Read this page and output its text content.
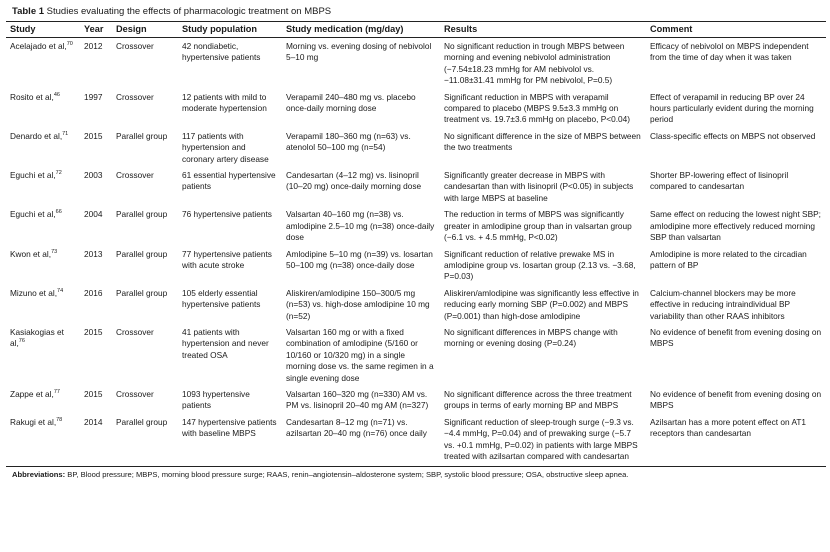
Table 1 Studies evaluating the effects of pharmacologic treatment on MBPS
Study	Year	Design	Study population	Study medication (mg/day)	Results	Comment
Acelajado et al,$^{70}$	2012	Crossover	42 nondiabetic, hypertensive patients	Morning vs. evening dosing of nebivolol 5–10 mg	No significant reduction in trough MBPS between morning and evening nebivolol administration (−7.54±18.23 mmHg for AM nebivolol vs. −11.08±31.41 mmHg for PM nebivolol, P=0.5)	Efficacy of nebivolol on MBPS independent from the time of day when it was taken
Rosito et al,$^{46}$	1997	Crossover	12 patients with mild to moderate hypertension	Verapamil 240–480 mg vs. placebo once-daily morning dose	Significant reduction in MBPS with verapamil compared to placebo (MBPS 9.5±3.3 mmHg on treatment vs. 19.7±3.6 mmHg on placebo, P<0.04)	Effect of verapamil in reducing BP over 24 hours particularly evident during the morning period
Denardo et al,$^{71}$	2015	Parallel group	117 patients with hypertension and coronary artery disease	Verapamil 180–360 mg (n=63) vs. atenolol 50–100 mg (n=54)	No significant difference in the size of MBPS between the two treatments	Class-specific effects on MBPS not observed
Eguchi et al,$^{72}$	2003	Crossover	61 essential hypertensive patients	Candesartan (4–12 mg) vs. lisinopril (10–20 mg) once-daily morning dose	Significantly greater decrease in MBPS with candesartan than with lisinopril (P<0.05) in subjects with large MBPS at baseline	Shorter BP-lowering effect of lisinopril compared to candesartan
Eguchi et al,$^{66}$	2004	Parallel group	76 hypertensive patients	Valsartan 40–160 mg (n=38) vs. amlodipine 2.5–10 mg (n=38) once-daily dose	The reduction in terms of MBPS was significantly greater in amlodipine group than in valsartan group (−6.1 vs. + 4.5 mmHg, P<0.02)	Same effect on reducing the lowest night SBP; amlodipine more effectively reduced morning SBP than valsartan
Kwon et al,$^{73}$	2013	Parallel group	77 hypertensive patients with acute stroke	Amlodipine 5–10 mg (n=39) vs. losartan 50–100 mg (n=38) once-daily dose	Significant reduction of relative prewake MS in amlodipine group vs. losartan group (2.13 vs. −3.68, P=0.03)	Amlodipine is more related to the circadian pattern of BP
Mizuno et al,$^{74}$	2016	Parallel group	105 elderly essential hypertensive patients	Aliskiren/amlodipine 150–300/5 mg (n=53) vs. high-dose amlodipine 10 mg (n=52)	Aliskiren/amlodipine was significantly less effective in reducing early morning SBP (P=0.002) and MBPS (P=0.001) than high-dose amlodipine	Calcium-channel blockers may be more effective in reducing intraindividual BP variability than other RAAS inhibitors
Kasiakogias et al,$^{76}$	2015	Crossover	41 patients with hypertension and never treated OSA	Valsartan 160 mg or with a fixed combination of amlodipine (5/160 or 10/160 or 10/320 mg) in a single morning dose vs. the same regimen in a single evening dose	No significant differences in MBPS change with morning or evening dosing (P=0.24)	No evidence of benefit from evening dosing on MBPS
Zappe et al,$^{77}$	2015	Crossover	1093 hypertensive patients	Valsartan 160–320 mg (n=330) AM vs. PM vs. lisinopril 20–40 mg AM (n=327)	No significant difference across the three treatment groups in terms of early morning BP and MBPS	No evidence of benefit from evening dosing on MBPS
Rakugi et al,$^{78}$	2014	Parallel group	147 hypertensive patients with baseline MBPS	Candesartan 8–12 mg (n=71) vs. azilsartan 20–40 mg (n=76) once daily	Significant reduction of sleep-trough surge (−9.3 vs. −4.4 mmHg, P=0.04) and of prewaking surge (−5.7 vs. +0.1 mmHg, P=0.02) in patients with large MBPS treated with azilsartan compared with candesartan	Azilsartan has a more potent effect on AT1 receptors than candesartan
Abbreviations: BP, Blood pressure; MBPS, morning blood pressure surge; RAAS, renin–angiotensin–aldosterone system; SBP, systolic blood pressure; OSA, obstructive sleep apnea.
